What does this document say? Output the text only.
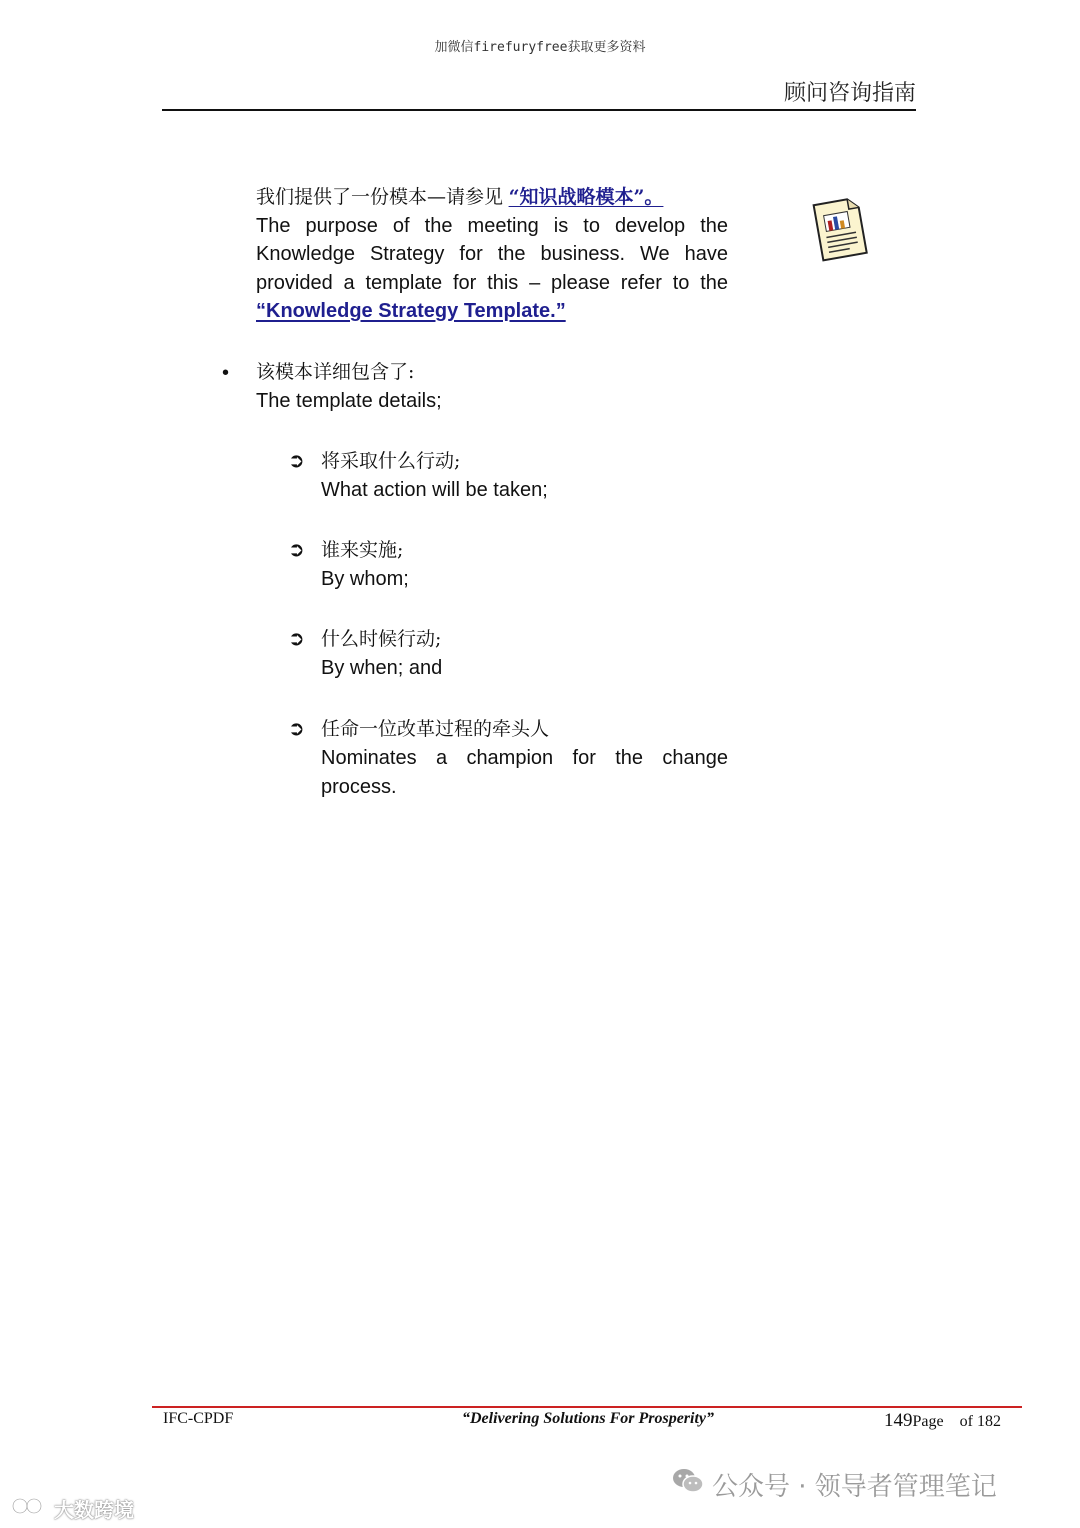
加微信firefuryfree获取更多资料
顾问咨询指南
我们提供了一份模本—请参见 “知识战略模本”。
The purpose of the meeting is to develop the Knowledge Strategy for the business. We have provided a template for this – please refer to the “Knowledge Strategy Template.”
• 该模本详细包含了:
The template details;
➲ 将采取什么行动;
What action will be taken;
➲ 谁来实施;
By whom;
➲ 什么时候行动;
By when; and
➲ 任命一位改革过程的牵头人
Nominates a champion for the change process.
IFC-CPDF	“Delivering Solutions For Prosperity”	149Page of 182
公众号 · 领导者管理笔记
大数跨境
